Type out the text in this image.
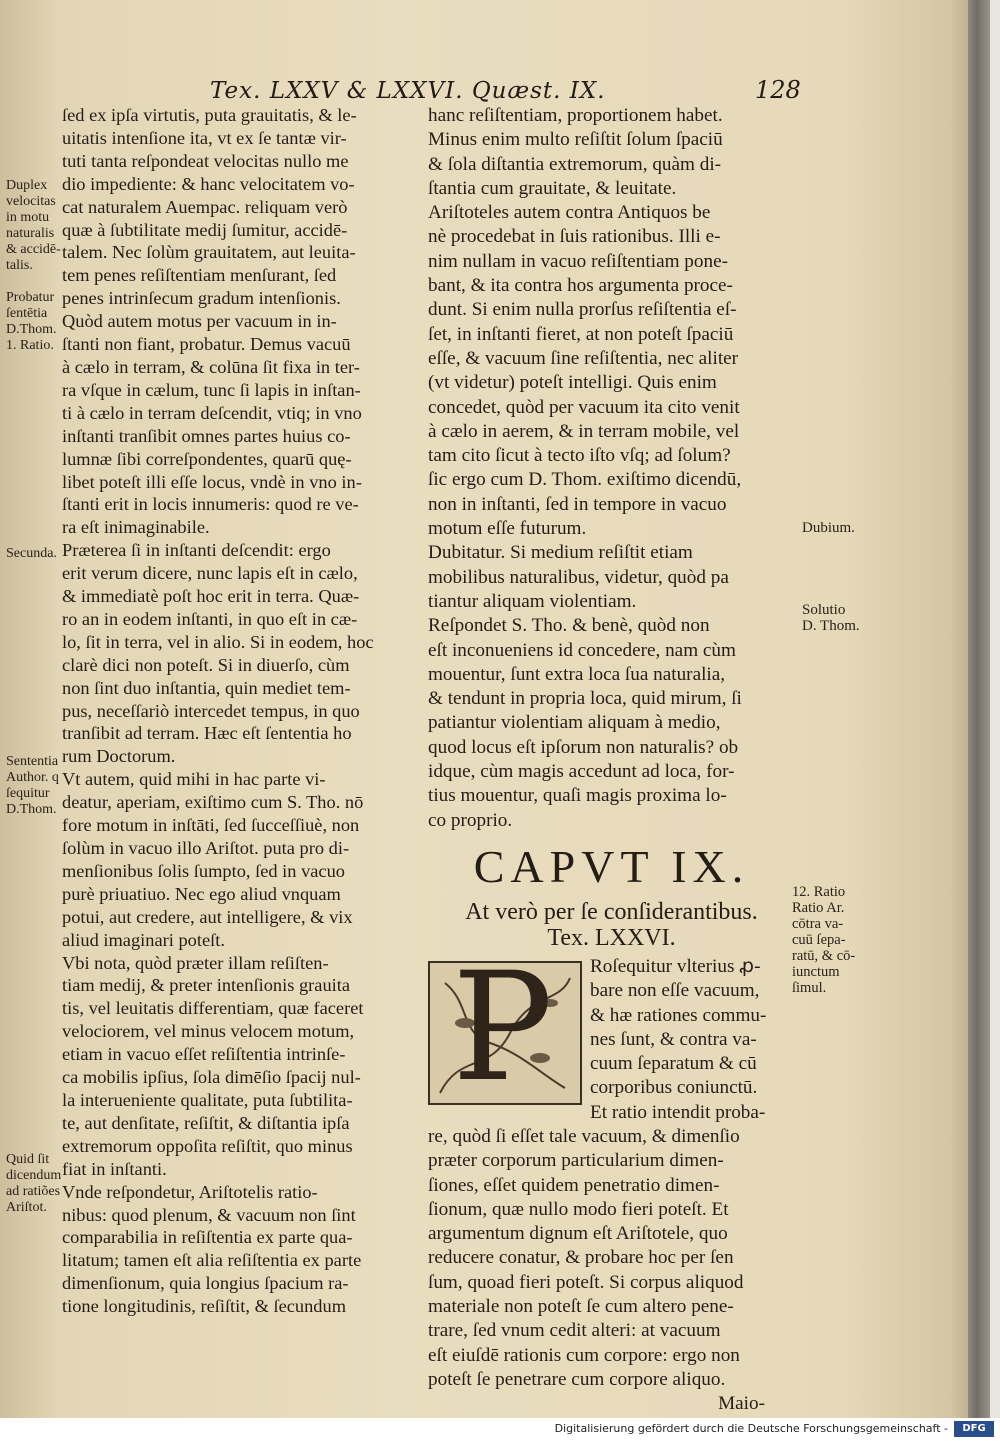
Tex. LXXV & LXXVI. Quæst. IX.	128
ſed ex ipſa virtutis, puta grauitatis, & le-
uitatis intenſione ita, vt ex ſe tantæ vir-
tuti tanta reſpondeat velocitas nullo me
dio impediente: & hanc velocitatem vo-
cat naturalem Auempac. reliquam verò
quæ à ſubtilitate medij ſumitur, accidē-
talem. Nec ſolùm grauitatem, aut leuita-
tem penes reſiſtentiam menſurant, ſed
penes intrinſecum gradum intenſionis.
Quòd autem motus per vacuum in in-
ſtanti non fiant, probatur. Demus vacuū
à cælo in terram, & colūna ſit fixa in ter-
ra vſque in cælum, tunc ſi lapis in inſtan-
ti à cælo in terram deſcendit, vtiq; in vno
inſtanti tranſibit omnes partes huius co-
lumnæ ſibi correſpondentes, quarū quę-
libet poteſt illi eſſe locus, vndè in vno in-
ſtanti erit in locis innumeris: quod re ve-
ra eſt inimaginabile.
Præterea ſi in inſtanti deſcendit: ergo
erit verum dicere, nunc lapis eſt in cælo,
& immediatè poſt hoc erit in terra. Quæ-
ro an in eodem inſtanti, in quo eſt in cæ-
lo, ſit in terra, vel in alio. Si in eodem, hoc
clarè dici non poteſt. Si in diuerſo, cùm
non ſint duo inſtantia, quin mediet tem-
pus, neceſſariò intercedet tempus, in quo
tranſibit ad terram. Hæc eſt ſententia ho
rum Doctorum.
Vt autem, quid mihi in hac parte vi-
deatur, aperiam, exiſtimo cum S. Tho. nō
fore motum in inſtāti, ſed ſucceſſiuè, non
ſolùm in vacuo illo Ariſtot. puta pro di-
menſionibus ſolis ſumpto, ſed in vacuo
purè priuatiuo. Nec ego aliud vnquam
potui, aut credere, aut intelligere, & vix
aliud imaginari poteſt.
Vbi nota, quòd præter illam reſiſten-
tiam medij, & preter intenſionis grauita
tis, vel leuitatis differentiam, quæ faceret
velociorem, vel minus velocem motum,
etiam in vacuo eſſet reſiſtentia intrinſe-
ca mobilis ipſius, ſola dimēſio ſpacij nul-
la interueniente qualitate, puta ſubtilita-
te, aut denſitate, reſiſtit, & diſtantia ipſa
extremorum oppoſita reſiſtit, quo minus
fiat in inſtanti.
Vnde reſpondetur, Ariſtotelis ratio-
nibus: quod plenum, & vacuum non ſint
comparabilia in reſiſtentia ex parte qua-
litatum; tamen eſt alia reſiſtentia ex parte
dimenſionum, quia longius ſpacium ra-
tione longitudinis, reſiſtit, & ſecundum
Duplex
velocitas
in motu
naturalis
& accidē-
talis.
Probatur
ſentētia
D.Thom.
1. Ratio.
Secunda.
Sententia
Author. q
ſequitur
D.Thom.
Quid ſit
dicendum
ad ratiões
Ariſtot.
hanc reſiſtentiam, proportionem habet.
Minus enim multo reſiſtit ſolum ſpaciū
& ſola diſtantia extremorum, quàm di-
ſtantia cum grauitate, & leuitate.
Ariſtoteles autem contra Antiquos be
nè procedebat in ſuis rationibus. Illi e-
nim nullam in vacuo reſiſtentiam pone-
bant, & ita contra hos argumenta proce-
dunt. Si enim nulla prorſus reſiſtentia eſ-
ſet, in inſtanti fieret, at non poteſt ſpaciū
eſſe, & vacuum ſine reſiſtentia, nec aliter
(vt videtur) poteſt intelligi. Quis enim
concedet, quòd per vacuum ita cito venit
à cælo in aerem, & in terram mobile, vel
tam cito ſicut à tecto iſto vſq; ad ſolum?
ſic ergo cum D. Thom. exiſtimo dicendū,
non in inſtanti, ſed in tempore in vacuo
motum eſſe futurum.
Dubitatur. Si medium reſiſtit etiam
mobilibus naturalibus, videtur, quòd pa
tiantur aliquam violentiam.
Reſpondet S. Tho. & benè, quòd non
eſt inconueniens id concedere, nam cùm
mouentur, ſunt extra loca ſua naturalia,
& tendunt in propria loca, quid mirum, ſi
patiantur violentiam aliquam à medio,
quod locus eſt ipſorum non naturalis? ob
idque, cùm magis accedunt ad loca, for-
tius mouentur, quaſi magis proxima lo-
co proprio.
CAPVT IX.
At verò per ſe conſiderantibus.
Tex. LXXVI.
P	Roſequitur vlterius ꝓ-
bare non eſſe vacuum,
& hæ rationes commu-
nes ſunt, & contra va-
cuum ſeparatum & cū
corporibus coniunctū.
Et ratio intendit proba-
re, quòd ſi eſſet tale vacuum, & dimenſio
præter corporum particularium dimen-
ſiones, eſſet quidem penetratio dimen-
ſionum, quæ nullo modo fieri poteſt. Et
argumentum dignum eſt Ariſtotele, quo
reducere conatur, & probare hoc per ſen
ſum, quoad fieri poteſt. Si corpus aliquod
materiale non poteſt ſe cum altero pene-
trare, ſed vnum cedit alteri: at vacuum
eſt eiuſdē rationis cum corpore: ergo non
poteſt ſe penetrare cum corpore aliquo.
Maio-
Dubium.
Solutio
D. Thom.
12. Ratio
Ratio Ar.
cōtra va-
cuū ſepa-
ratū, & cō-
iunctum
ſimul.
Digitalisierung gefördert durch die Deutsche Forschungsgemeinschaft -	DFG
